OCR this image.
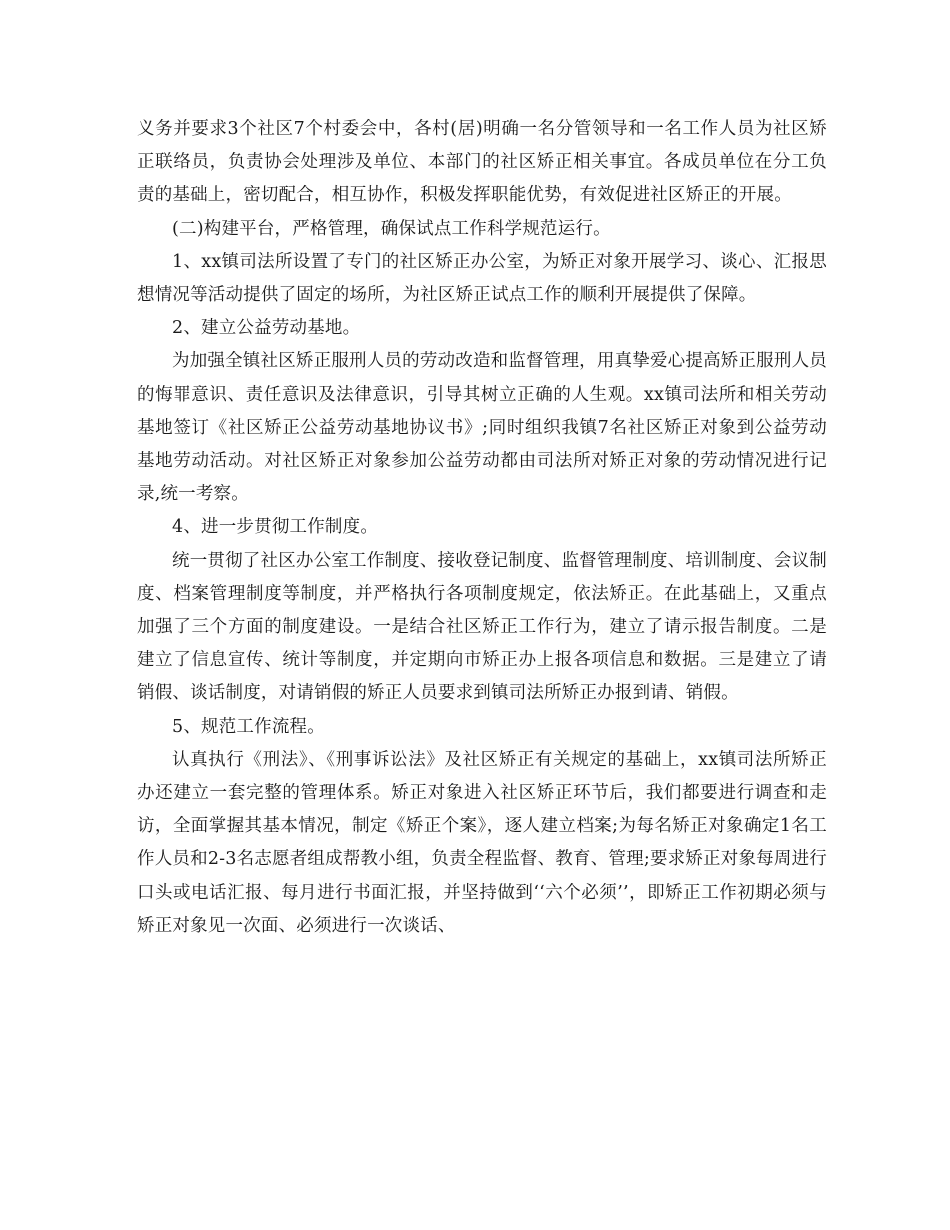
义务并要求3个社区7个村委会中，各村(居)明确一名分管领导和一名工作人员为社区矫正联络员，负责协会处理涉及单位、本部门的社区矫正相关事宜。各成员单位在分工负责的基础上，密切配合，相互协作，积极发挥职能优势，有效促进社区矫正的开展。

(二)构建平台，严格管理，确保试点工作科学规范运行。

1、xx镇司法所设置了专门的社区矫正办公室，为矫正对象开展学习、谈心、汇报思想情况等活动提供了固定的场所，为社区矫正试点工作的顺利开展提供了保障。

2、建立公益劳动基地。

为加强全镇社区矫正服刑人员的劳动改造和监督管理，用真挚爱心提高矫正服刑人员的悔罪意识、责任意识及法律意识，引导其树立正确的人生观。xx镇司法所和相关劳动基地签订《社区矫正公益劳动基地协议书》;同时组织我镇7名社区矫正对象到公益劳动基地劳动活动。对社区矫正对象参加公益劳动都由司法所对矫正对象的劳动情况进行记录,统一考察。

4、进一步贯彻工作制度。

统一贯彻了社区办公室工作制度、接收登记制度、监督管理制度、培训制度、会议制度、档案管理制度等制度，并严格执行各项制度规定，依法矫正。在此基础上，又重点加强了三个方面的制度建设。一是结合社区矫正工作行为，建立了请示报告制度。二是建立了信息宣传、统计等制度，并定期向市矫正办上报各项信息和数据。三是建立了请销假、谈话制度，对请销假的矫正人员要求到镇司法所矫正办报到请、销假。

5、规范工作流程。

认真执行《刑法》、《刑事诉讼法》及社区矫正有关规定的基础上，xx镇司法所矫正办还建立一套完整的管理体系。矫正对象进入社区矫正环节后，我们都要进行调查和走访，全面掌握其基本情况，制定《矫正个案》，逐人建立档案;为每名矫正对象确定1名工作人员和2-3名志愿者组成帮教小组，负责全程监督、教育、管理;要求矫正对象每周进行口头或电话汇报、每月进行书面汇报，并坚持做到‘‘六个必须’’，即矫正工作初期必须与矫正对象见一次面、必须进行一次谈话、
